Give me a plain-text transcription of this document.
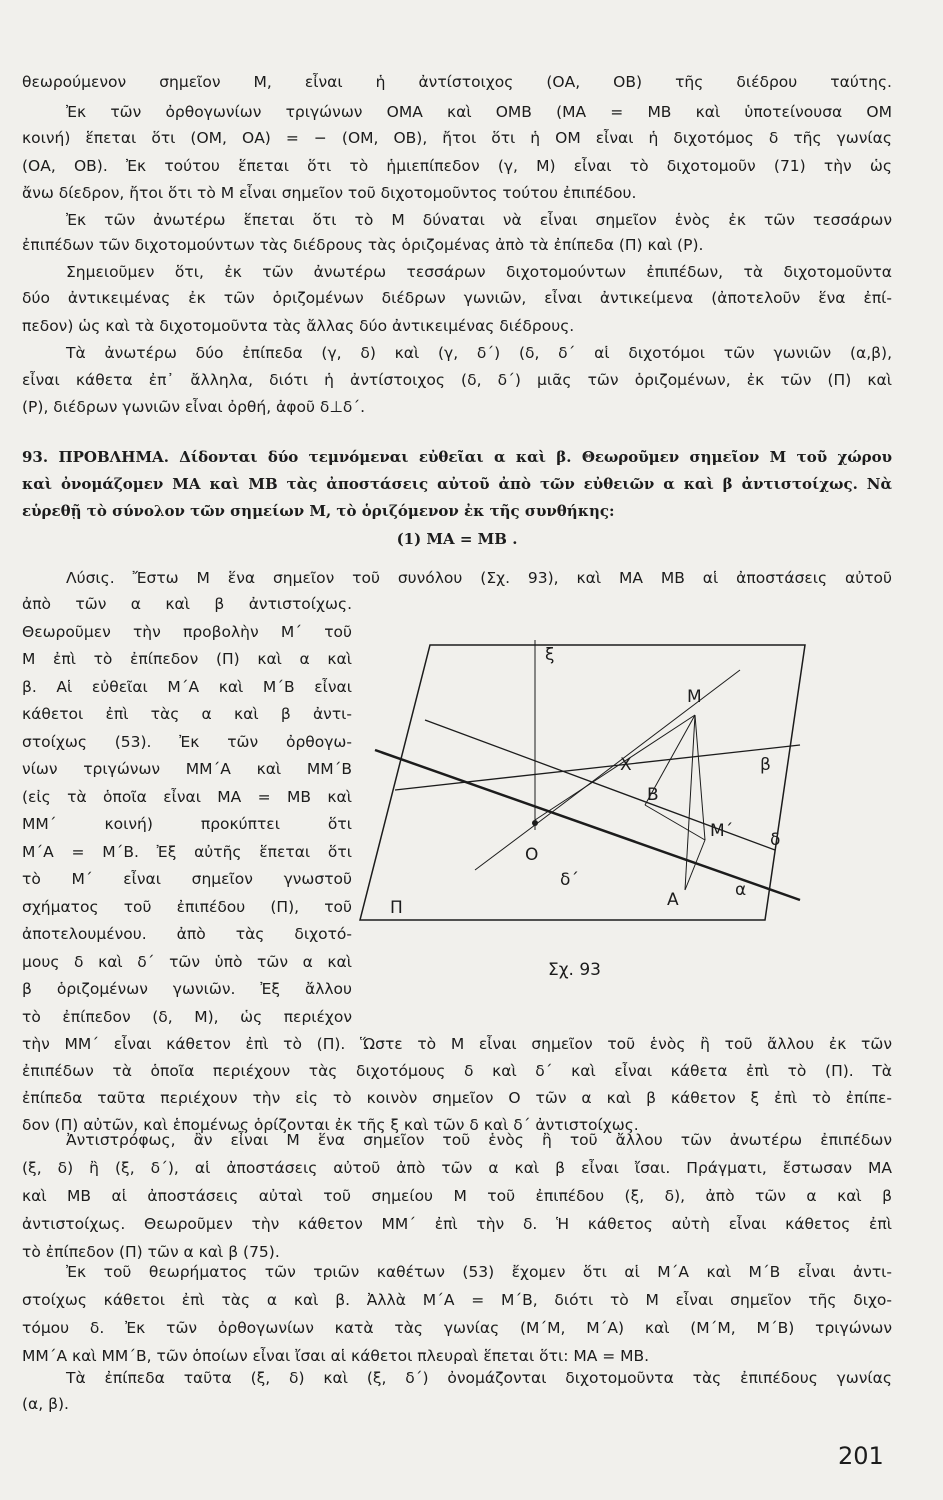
θεωρούμενον σημεῖον M, εἶναι ἡ ἀντίστοιχος (ΟΑ, ΟΒ) τῆς διέδρου ταύτης.
Ἐκ τῶν ὀρθογωνίων τριγώνων ΟΜΑ καὶ ΟΜΒ (ΜΑ = ΜΒ καὶ ὑποτείνουσα ΟΜ
κοινή) ἕπεται ὅτι (ΟΜ, ΟΑ) = − (ΟΜ, ΟΒ), ἤτοι ὅτι ἡ ΟΜ εἶναι ἡ διχοτόμος δ τῆς γωνίας
(ΟΑ, ΟΒ). Ἐκ τούτου ἕπεται ὅτι τὸ ἡμιεπίπεδον (γ, Μ) εἶναι τὸ διχοτομοῦν (71) τὴν ὡς
ἄνω δίεδρον, ἤτοι ὅτι τὸ Μ εἶναι σημεῖον τοῦ διχοτομοῦντος τούτου ἐπιπέδου.
Ἐκ τῶν ἀνωτέρω ἕπεται ὅτι τὸ Μ δύναται νὰ εἶναι σημεῖον ἑνὸς ἐκ τῶν τεσσάρων
ἐπιπέδων τῶν διχοτομούντων τὰς διέδρους τὰς ὁριζομένας ἀπὸ τὰ ἐπίπεδα (Π) καὶ (Ρ).
Σημειοῦμεν ὅτι, ἐκ τῶν ἀνωτέρω τεσσάρων διχοτομούντων ἐπιπέδων, τὰ διχοτομοῦντα
δύο ἀντικειμένας ἐκ τῶν ὁριζομένων διέδρων γωνιῶν, εἶναι ἀντικείμενα (ἀποτελοῦν ἕνα ἐπί-
πεδον) ὡς καὶ τὰ διχοτομοῦντα τὰς ἄλλας δύο ἀντικειμένας διέδρους.
Τὰ ἀνωτέρω δύο ἐπίπεδα (γ, δ) καὶ (γ, δ΄) (δ, δ΄ αἱ διχοτόμοι τῶν γωνιῶν (α,β),
εἶναι κάθετα ἐπ᾽ ἄλληλα, διότι ἡ ἀντίστοιχος (δ, δ΄) μιᾶς τῶν ὁριζομένων, ἐκ τῶν (Π) καὶ
(Ρ), διέδρων γωνιῶν εἶναι ὀρθή, ἀφοῦ δ⊥δ΄.
93. ΠΡΟΒΛΗΜΑ. Δίδονται δύο τεμνόμεναι εὐθεῖαι α καὶ β. Θεωροῦμεν σημεῖον Μ τοῦ χώρου
καὶ ὀνομάζομεν ΜΑ καὶ ΜΒ τὰς ἀποστάσεις αὐτοῦ ἀπὸ τῶν εὐθειῶν α καὶ β ἀντιστοίχως. Νὰ
εὑρεθῇ τὸ σύνολον τῶν σημείων Μ, τὸ ὁριζόμενον ἐκ τῆς συνθήκης:
(1) ΜΑ = ΜΒ .
Λύσις. Ἔστω Μ ἕνα σημεῖον τοῦ συνόλου (Σχ. 93), καὶ ΜΑ ΜΒ αἱ ἀποστάσεις αὐτοῦ
ἀπὸ τῶν α καὶ β ἀντιστοίχως.
Θεωροῦμεν τὴν προβολὴν Μ΄ τοῦ
Μ ἐπὶ τὸ ἐπίπεδον (Π) καὶ α καὶ
β. Αἱ εὐθεῖαι Μ΄Α καὶ Μ΄Β εἶναι
κάθετοι ἐπὶ τὰς α καὶ β ἀντι-
στοίχως (53). Ἐκ τῶν ὀρθογω-
νίων τριγώνων ΜΜ΄Α καὶ ΜΜ΄Β
(εἰς τὰ ὁποῖα εἶναι ΜΑ = ΜΒ καὶ
ΜΜ΄ κοινή) προκύπτει ὅτι
Μ΄Α = Μ΄Β. Ἐξ αὐτῆς ἕπεται ὅτι
τὸ Μ΄ εἶναι σημεῖον γνωστοῦ
σχήματος τοῦ ἐπιπέδου (Π), τοῦ
ἀποτελουμένου. ἀπὸ τὰς διχοτό-
μους δ καὶ δ΄ τῶν ὑπὸ τῶν α καὶ
β ὁριζομένων γωνιῶν. Ἐξ ἄλλου
τὸ ἐπίπεδον (δ, Μ), ὡς περιέχον
ξ
M
X	β
B
M΄ δ
O
δ΄
A	α
Π
Σχ. 93
τὴν ΜΜ΄ εἶναι κάθετον ἐπὶ τὸ (Π). Ὥστε τὸ Μ εἶναι σημεῖον τοῦ ἑνὸς ἢ τοῦ ἄλλου ἐκ τῶν
ἐπιπέδων τὰ ὁποῖα περιέχουν τὰς διχοτόμους δ καὶ δ΄ καὶ εἶναι κάθετα ἐπὶ τὸ (Π). Τὰ
ἐπίπεδα ταῦτα περιέχουν τὴν εἰς τὸ κοινὸν σημεῖον Ο τῶν α καὶ β κάθετον ξ ἐπὶ τὸ ἐπίπε-
δον (Π) αὐτῶν, καὶ ἑπομένως ὁρίζονται ἐκ τῆς ξ καὶ τῶν δ καὶ δ΄ ἀντιστοίχως.
Ἀντιστρόφως, ἂν εἶναι Μ ἕνα σημεῖον τοῦ ἑνὸς ἢ τοῦ ἄλλου τῶν ἀνωτέρω ἐπιπέδων
(ξ, δ) ἢ (ξ, δ΄), αἱ ἀποστάσεις αὐτοῦ ἀπὸ τῶν α καὶ β εἶναι ἴσαι. Πράγματι, ἔστωσαν ΜΑ
καὶ ΜΒ αἱ ἀποστάσεις αὐταὶ τοῦ σημείου Μ τοῦ ἐπιπέδου (ξ, δ), ἀπὸ τῶν α καὶ β
ἀντιστοίχως. Θεωροῦμεν τὴν κάθετον ΜΜ΄ ἐπὶ τὴν δ. Ἡ κάθετος αὐτὴ εἶναι κάθετος ἐπὶ
τὸ ἐπίπεδον (Π) τῶν α καὶ β (75).
Ἐκ τοῦ θεωρήματος τῶν τριῶν καθέτων (53) ἔχομεν ὅτι αἱ Μ΄Α καὶ Μ΄Β εἶναι ἀντι-
στοίχως κάθετοι ἐπὶ τὰς α καὶ β. Ἀλλὰ Μ΄Α = Μ΄Β, διότι τὸ Μ εἶναι σημεῖον τῆς διχο-
τόμου δ. Ἐκ τῶν ὀρθογωνίων κατὰ τὰς γωνίας (Μ΄Μ, Μ΄Α) καὶ (Μ΄Μ, Μ΄Β) τριγώνων
ΜΜ΄Α καὶ ΜΜ΄Β, τῶν ὁποίων εἶναι ἴσαι αἱ κάθετοι πλευραὶ ἕπεται ὅτι: ΜΑ = ΜΒ.
Τὰ ἐπίπεδα ταῦτα (ξ, δ) καὶ (ξ, δ΄) ὀνομάζονται διχοτομοῦντα τὰς ἐπιπέδους γωνίας
(α, β).
201
